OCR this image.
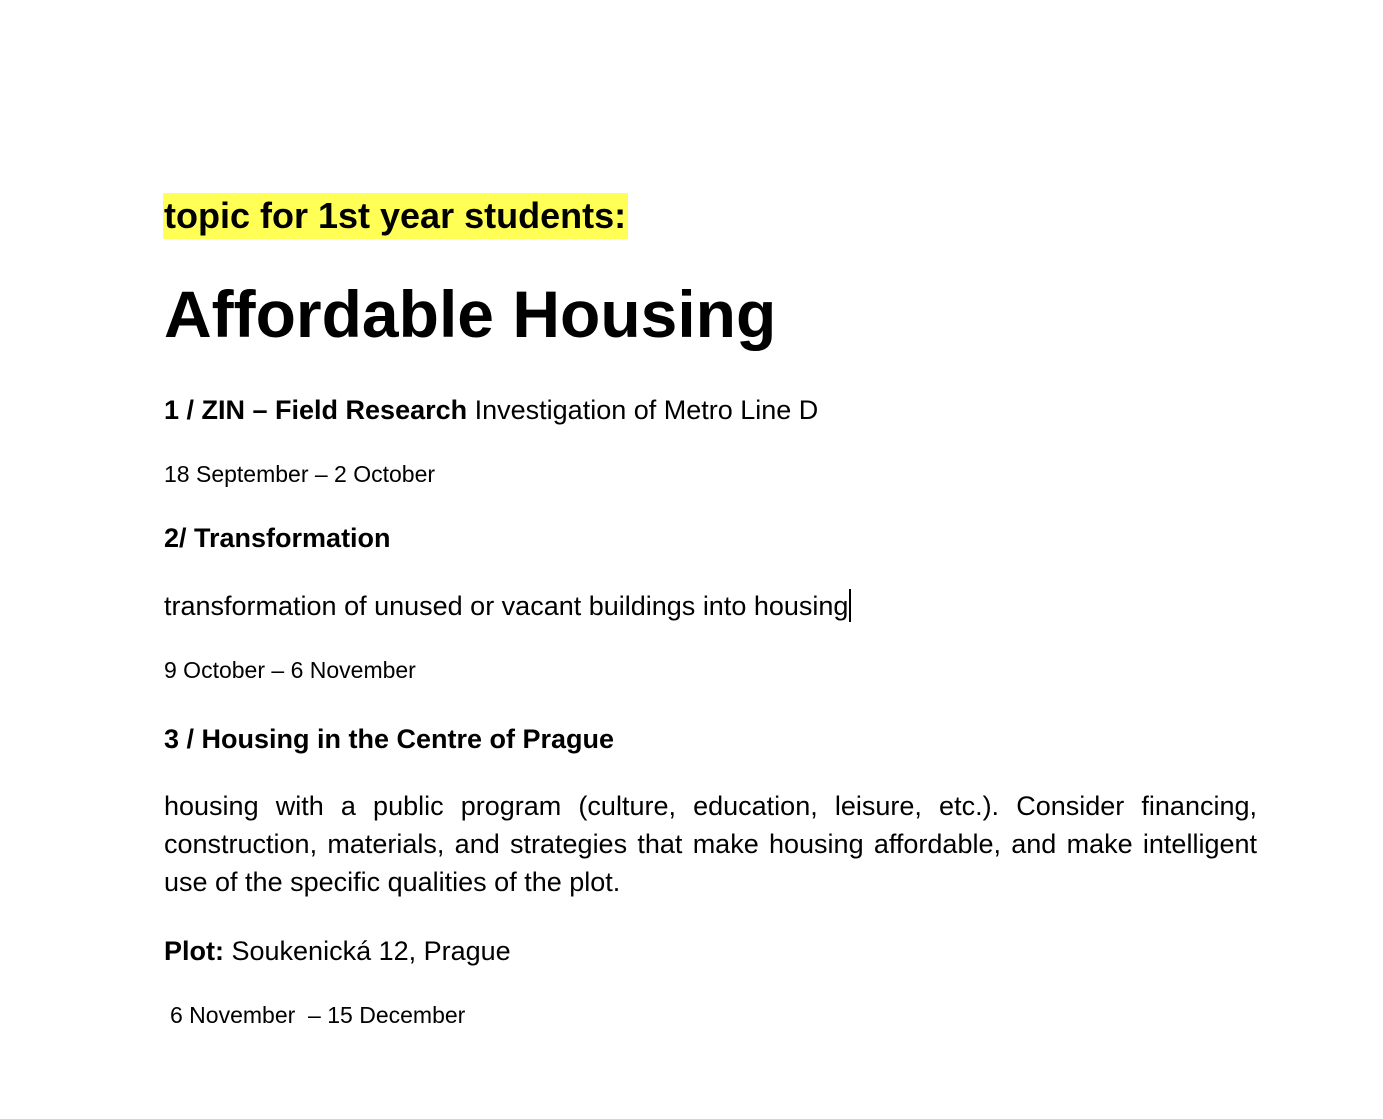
topic for 1st year students:
Affordable Housing
1 / ZIN – Field Research Investigation of Metro Line D
18 September – 2 October
2/ Transformation
transformation of unused or vacant buildings into housing
9 October – 6 November
3 / Housing in the Centre of Prague
housing with a public program (culture, education, leisure, etc.). Consider financing, construction, materials, and strategies that make housing affordable, and make intelligent use of the specific qualities of the plot.
Plot: Soukenická 12, Prague
6 November  – 15 December
